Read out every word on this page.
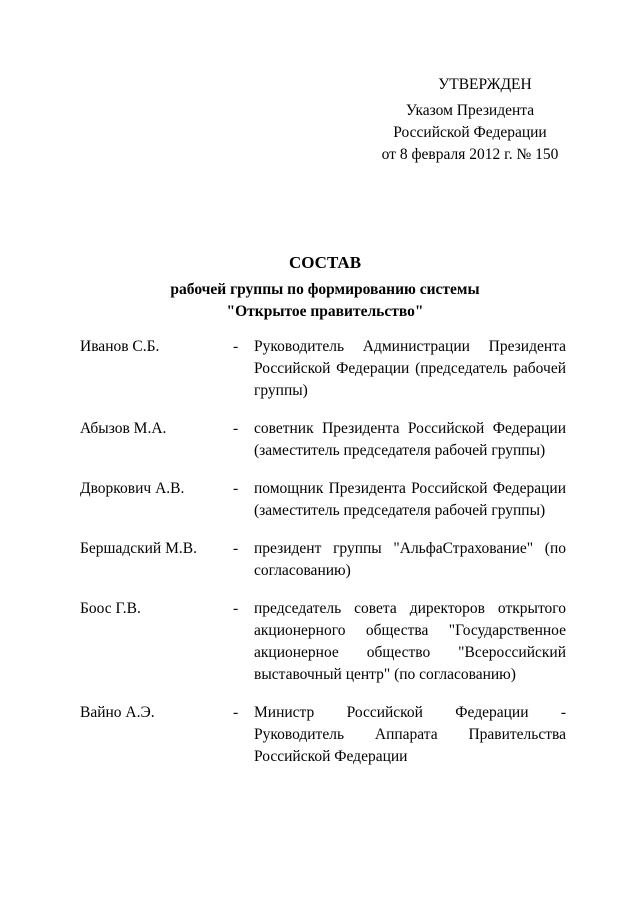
УТВЕРЖДЕН
Указом Президента
Российской Федерации
от 8 февраля 2012 г. № 150
СОСТАВ
рабочей группы по формированию системы
"Открытое правительство"
Иванов С.Б.	- Руководитель Администрации Президента Российской Федерации (председатель рабочей группы)
Абызов М.А.	- советник Президента Российской Федерации (заместитель председателя рабочей группы)
Дворкович А.В.	- помощник Президента Российской Федерации (заместитель председателя рабочей группы)
Бершадский М.В.	- президент группы "АльфаСтрахование" (по согласованию)
Боос Г.В.	- председатель совета директоров открытого акционерного общества "Государственное акционерное общество "Всероссийский выставочный центр" (по согласованию)
Вайно А.Э.	- Министр Российской Федерации - Руководитель Аппарата Правительства Российской Федерации
